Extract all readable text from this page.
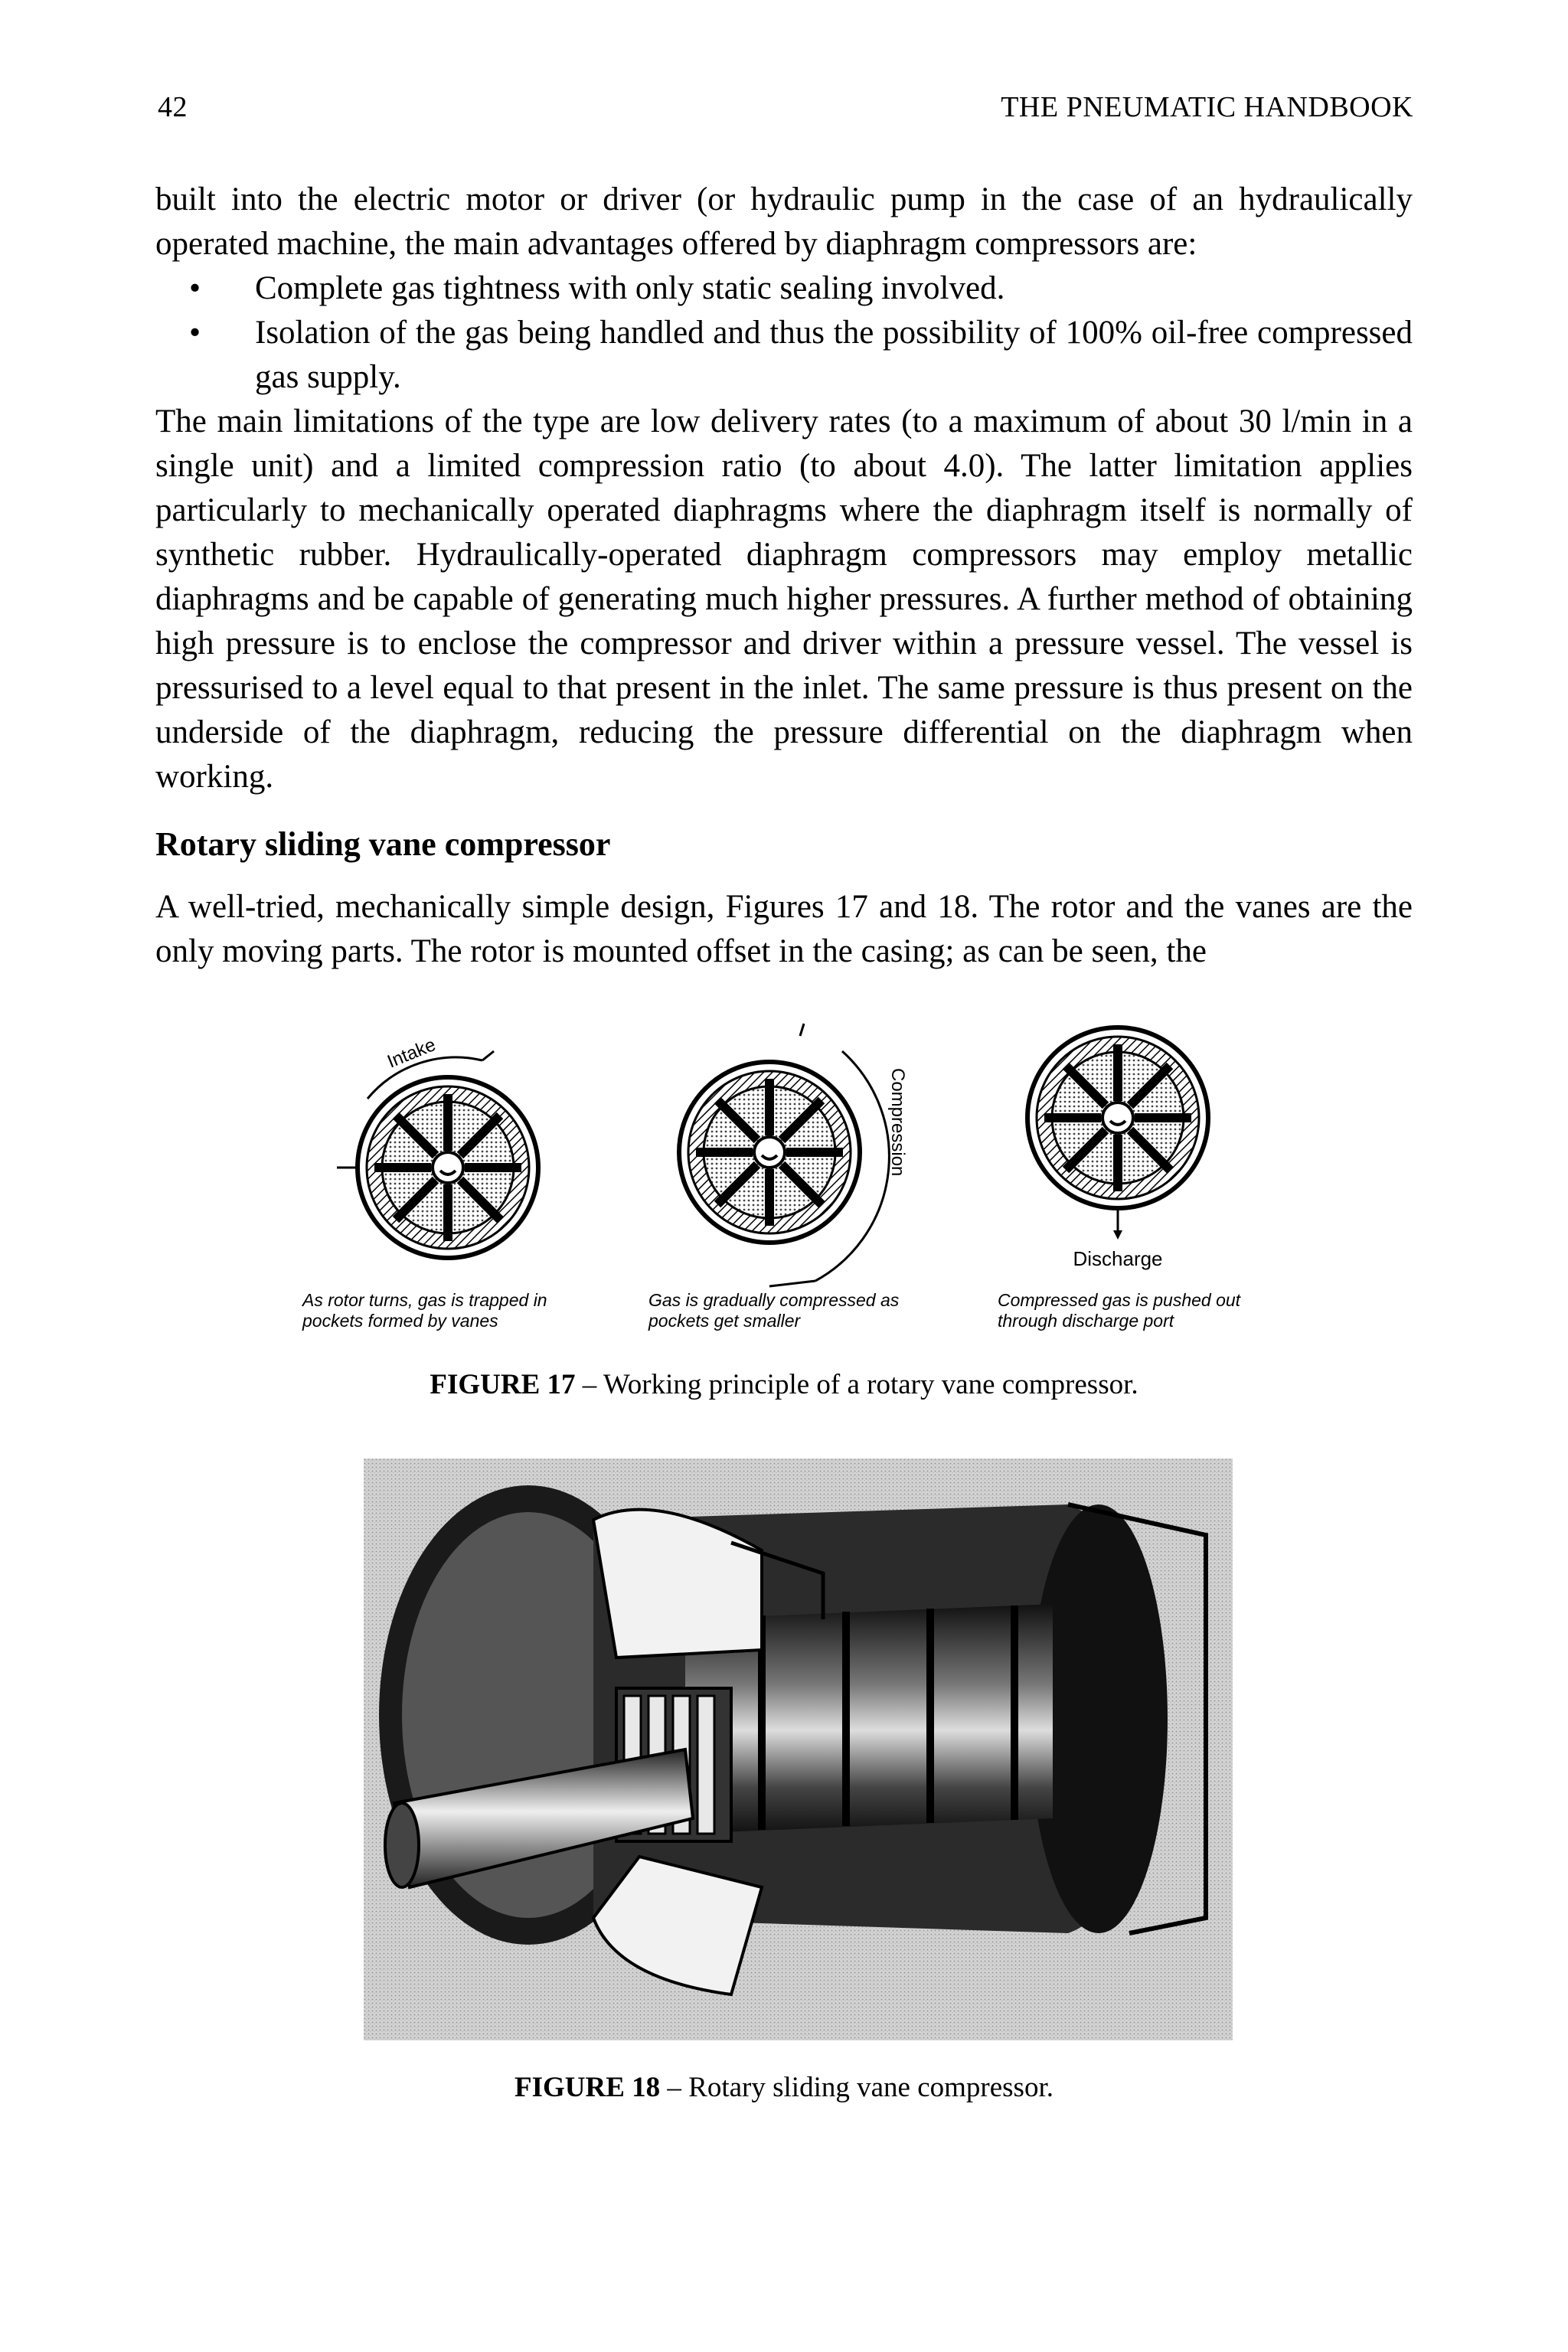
42	THE PNEUMATIC HANDBOOK

built into the electric motor or driver (or hydraulic pump in the case of an hydraulically operated machine, the main advantages offered by diaphragm compressors are:

• Complete gas tightness with only static sealing involved.
• Isolation of the gas being handled and thus the possibility of 100% oil-free compressed gas supply.

The main limitations of the type are low delivery rates (to a maximum of about 30 l/min in a single unit) and a limited compression ratio (to about 4.0). The latter limitation applies particularly to mechanically operated diaphragms where the diaphragm itself is normally of synthetic rubber. Hydraulically-operated diaphragm compressors may employ metallic diaphragms and be capable of generating much higher pressures. A further method of obtaining high pressure is to enclose the compressor and driver within a pressure vessel. The vessel is pressurised to a level equal to that present in the inlet. The same pressure is thus present on the underside of the diaphragm, reducing the pressure differential on the diaphragm when working.

Rotary sliding vane compressor

A well-tried, mechanically simple design, Figures 17 and 18. The rotor and the vanes are the only moving parts. The rotor is mounted offset in the casing; as can be seen, the

Intake
Compression
Discharge
As rotor turns, gas is trapped in pockets formed by vanes
Gas is gradually compressed as pockets get smaller
Compressed gas is pushed out through discharge port
FIGURE 17 – Working principle of a rotary vane compressor.
FIGURE 18 – Rotary sliding vane compressor.
